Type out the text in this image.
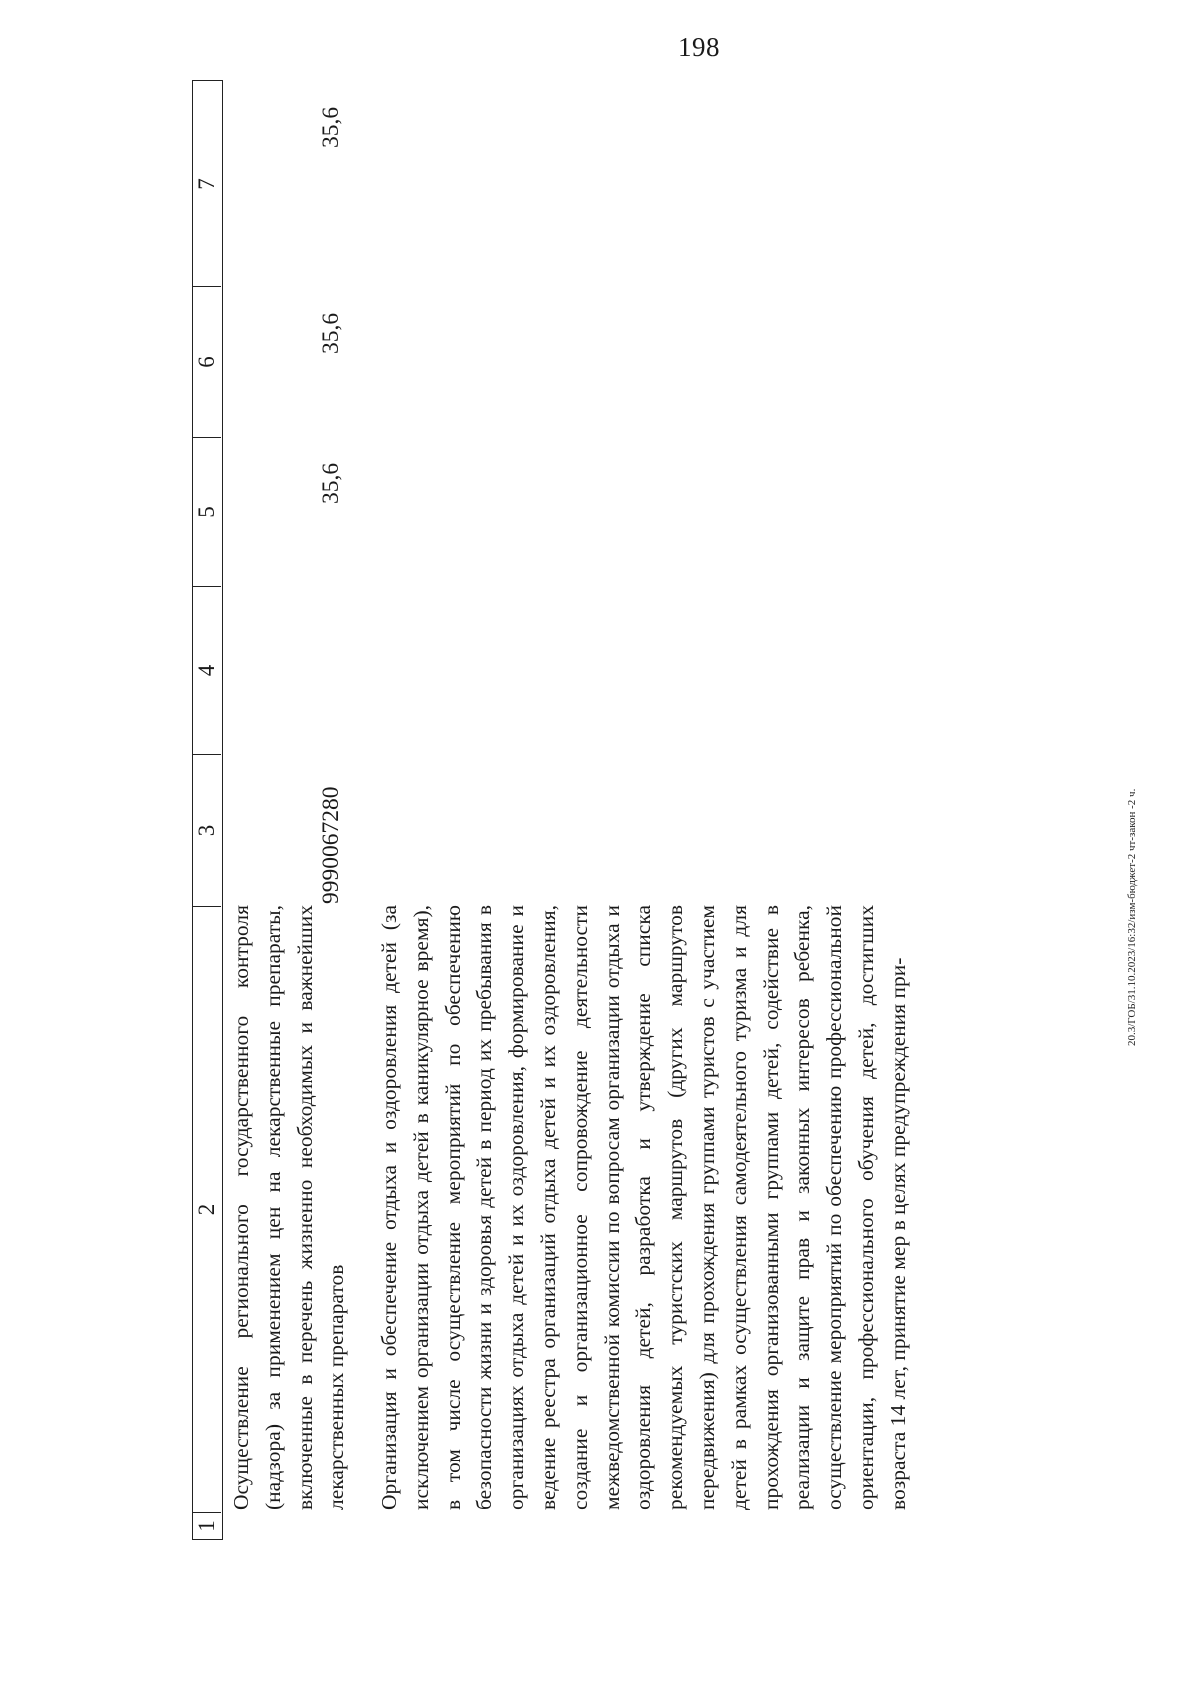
198
20.3/ГОБ/31.10.2023/16:32/изм-бюджет-2 чт-закон -2 ч.
1
2
3
4
5
6
7
Осуществление регионального государственного контроля (надзора) за применением цен на лекарственные препараты, включенные в перечень жизненно необходимых и важнейших лекарственных препаратов
9990067280
35,6
35,6
35,6
Организация и обеспечение отдыха и оздоровления детей (за исключением организации отдыха детей в каникулярное время), в том числе осуществление мероприятий по обеспечению безопасности жизни и здоровья детей в период их пребывания в организациях отдыха детей и их оздоровления, формирование и ведение реестра организаций отдыха детей и их оздоровления, создание и организационное сопровождение деятельности межведомственной комиссии по вопросам организации отдыха и оздоровления детей, разработка и утверждение списка рекомендуемых туристских маршрутов (других маршрутов передвижения) для прохождения группами туристов с участием детей в рамках осуществления самодеятельного туризма и для прохождения организованными группами детей, содействие в реализации и защите прав и законных интересов ребенка, осуществление мероприятий по обеспечению профессиональной ориентации, профессионального обучения детей, достигших возраста 14 лет, принятие мер в целях предупреждения при-
